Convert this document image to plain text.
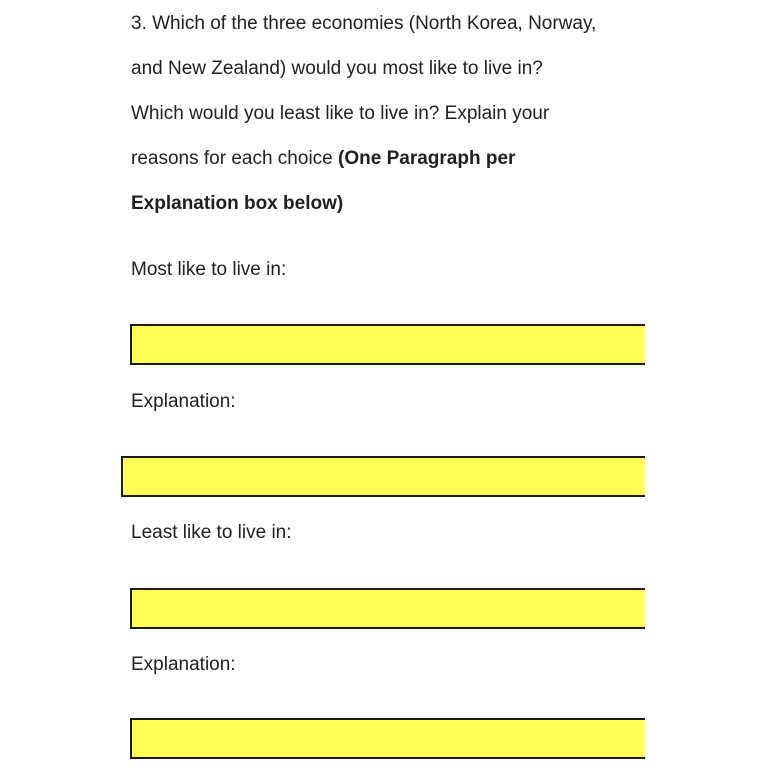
3. Which of the three economies (North Korea, Norway,

and New Zealand) would you most like to live in?

Which would you least like to live in? Explain your

reasons for each choice (One Paragraph per

Explanation box below)

Most like to live in:

Explanation:

Least like to live in:

Explanation:
